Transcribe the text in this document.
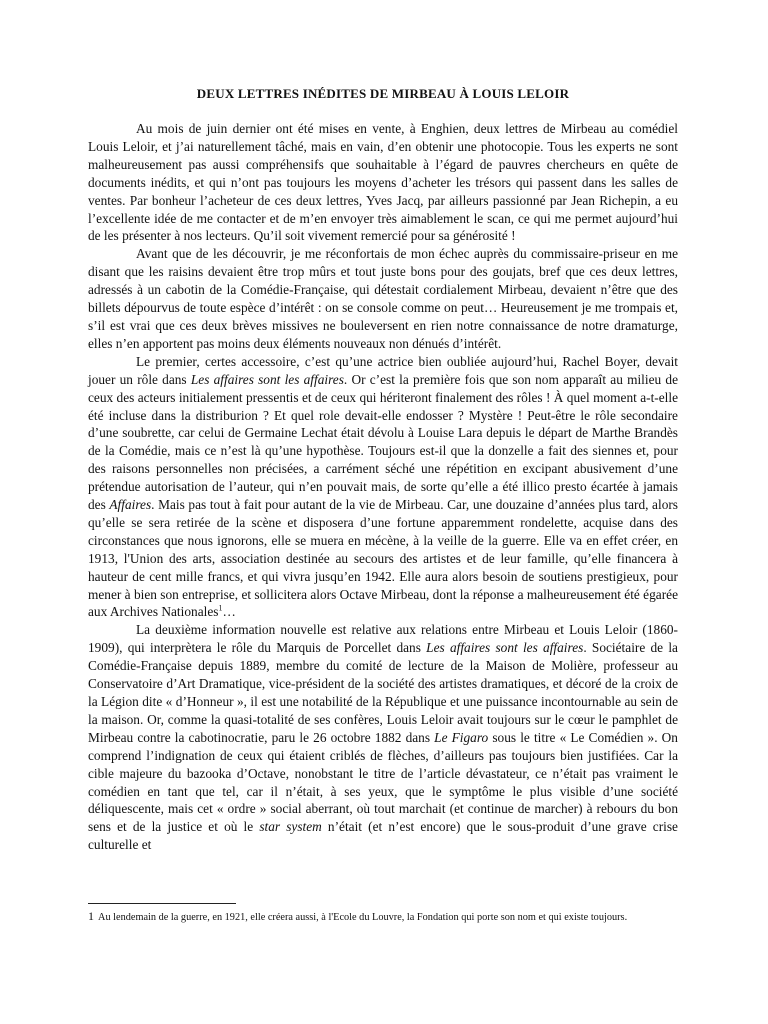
DEUX LETTRES INÉDITES DE MIRBEAU À LOUIS LELOIR

Au mois de juin dernier ont été mises en vente, à Enghien, deux lettres de Mirbeau au comédiel Louis Leloir, et j’ai naturellement tâché, mais en vain, d’en obtenir une photocopie. Tous les experts ne sont malheureusement pas aussi compréhensifs que souhaitable à l’égard de pauvres chercheurs en quête de documents inédits, et qui n’ont pas toujours les moyens d’acheter les trésors qui passent dans les salles de ventes. Par bonheur l’acheteur de ces deux lettres, Yves Jacq, par ailleurs passionné par Jean Richepin, a eu l’excellente idée de me contacter et de m’en envoyer très aimablement le scan, ce qui me permet aujourd’hui de les présenter à nos lecteurs. Qu’il soit vivement remercié pour sa générosité !

Avant que de les découvrir, je me réconfortais de mon échec auprès du commissaire-priseur en me disant que les raisins devaient être trop mûrs et tout juste bons pour des goujats, bref que ces deux lettres, adressés à un cabotin de la Comédie-Française, qui détestait cordialement Mirbeau, devaient n’être que des billets dépourvus de toute espèce d’intérêt : on se console comme on peut… Heureusement je me trompais et, s’il est vrai que ces deux brèves missives ne bouleversent en rien notre connaissance de notre dramaturge, elles n’en apportent pas moins deux éléments nouveaux non dénués d’intérêt.

Le premier, certes accessoire, c’est qu’une actrice bien oubliée aujourd’hui, Rachel Boyer, devait jouer un rôle dans Les affaires sont les affaires. Or c’est la première fois que son nom apparaît au milieu de ceux des acteurs initialement pressentis et de ceux qui hériteront finalement des rôles ! À quel moment a-t-elle été incluse dans la distriburion ? Et quel role devait-elle endosser ? Mystère ! Peut-être le rôle secondaire d’une soubrette, car celui de Germaine Lechat était dévolu à Louise Lara depuis le départ de Marthe Brandès de la Comédie, mais ce n’est là qu’une hypothèse. Toujours est-il que la donzelle a fait des siennes et, pour des raisons personnelles non précisées, a carrément séché une répétition en excipant abusivement d’une prétendue autorisation de l’auteur, qui n’en pouvait mais, de sorte qu’elle a été illico presto écartée à jamais des Affaires. Mais pas tout à fait pour autant de la vie de Mirbeau. Car, une douzaine d’années plus tard, alors qu’elle se sera retirée de la scène et disposera d’une fortune apparemment rondelette, acquise dans des circonstances que nous ignorons, elle se muera en mécène, à la veille de la guerre. Elle va en effet créer, en 1913, l'Union des arts, association destinée au secours des artistes et de leur famille, qu’elle financera à hauteur de cent mille francs, et qui vivra jusqu’en 1942. Elle aura alors besoin de soutiens prestigieux, pour mener à bien son entreprise, et sollicitera alors Octave Mirbeau, dont la réponse a malheureusement été égarée aux Archives Nationales$^1$…

La deuxième information nouvelle est relative aux relations entre Mirbeau et Louis Leloir (1860-1909), qui interprètera le rôle du Marquis de Porcellet dans Les affaires sont les affaires. Sociétaire de la Comédie-Française depuis 1889, membre du comité de lecture de la Maison de Molière, professeur au Conservatoire d’Art Dramatique, vice-président de la société des artistes dramatiques, et décoré de la croix de la Légion dite « d’Honneur », il est une notabilité de la République et une puissance incontournable au sein de la maison. Or, comme la quasi-totalité de ses confères, Louis Leloir avait toujours sur le cœur le pamphlet de Mirbeau contre la cabotinocratie, paru le 26 octobre 1882 dans Le Figaro sous le titre « Le Comédien ». On comprend l’indignation de ceux qui étaient criblés de flèches, d’ailleurs pas toujours bien justifiées. Car la cible majeure du bazooka d’Octave, nonobstant le titre de l’article dévastateur, ce n’était pas vraiment le comédien en tant que tel, car il n’était, à ses yeux, que le symptôme le plus visible d’une société déliquescente, mais cet « ordre » social aberrant, où tout marchait (et continue de marcher) à rebours du bon sens et de la justice et où le star system n’était (et n’est encore) que le sous-produit d’une grave crise culturelle et

1 Au lendemain de la guerre, en 1921, elle créera aussi, à l'Ecole du Louvre, la Fondation qui porte son nom et qui existe toujours.
